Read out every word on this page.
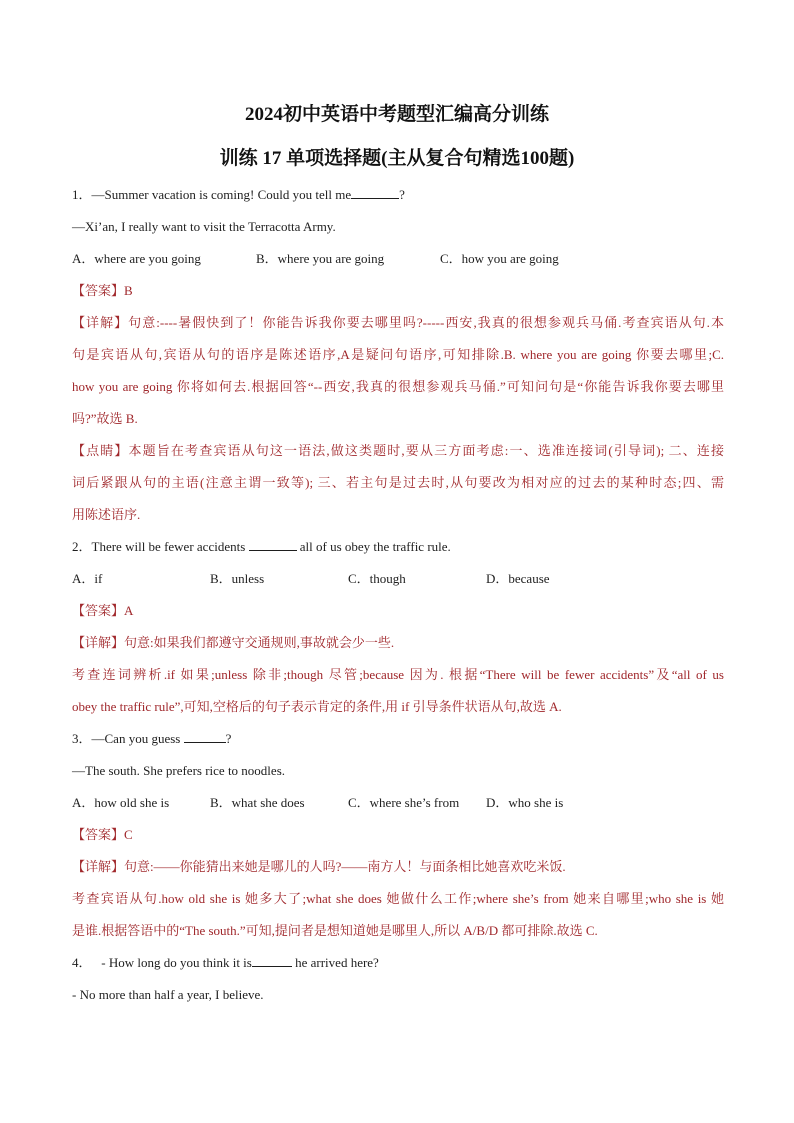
2024初中英语中考题型汇编高分训练
训练 17 单项选择题(主从复合句精选100题)
1．—Summer vacation is coming! Could you tell me	?
—Xi’an, I really want to visit the Terracotta Army.
A．where are you going	B．where you are going	C．how you are going
【答案】B
【详解】句意:----暑假快到了！你能告诉我你要去哪里吗?-----西安,我真的很想参观兵马俑.考查宾语从句.本
句是宾语从句,宾语从句的语序是陈述语序,A是疑问句语序,可知排除.B. where you are going 你要去哪里;C.
how you are going 你将如何去.根据回答“--西安,我真的很想参观兵马俑.”可知问句是“你能告诉我你要去哪里
吗?”故选 B.
【点睛】本题旨在考查宾语从句这一语法,做这类题时,要从三方面考虑:一、选准连接词(引导词); 二、连接
词后紧跟从句的主语(注意主谓一致等); 三、若主句是过去时,从句要改为相对应的过去的某种时态;四、需
用陈述语序.
2．There will be fewer accidents	all of us obey the traffic rule.
A．if	B．unless	C．though	D．because
【答案】A
【详解】句意:如果我们都遵守交通规则,事故就会少一些.
考查连词辨析.if 如果;unless 除非;though 尽管;because 因为. 根据“There will be fewer accidents”及“all of us
obey the traffic rule”,可知,空格后的句子表示肯定的条件,用 if 引导条件状语从句,故选 A.
3．—Can you guess	?
—The south. She prefers rice to noodles.
A．how old she is	B．what she does	C．where she’s from D．who she is
【答案】C
【详解】句意:——你能猜出来她是哪儿的人吗?——南方人！与面条相比她喜欢吃米饭.
考查宾语从句.how old she is 她多大了;what she does 她做什么工作;where she’s from 她来自哪里;who she is 她
是谁.根据答语中的“The south.”可知,提问者是想知道她是哪里人,所以 A/B/D 都可排除.故选 C.
4． - How long do you think it is	he arrived here?
- No more than half a year, I believe.
